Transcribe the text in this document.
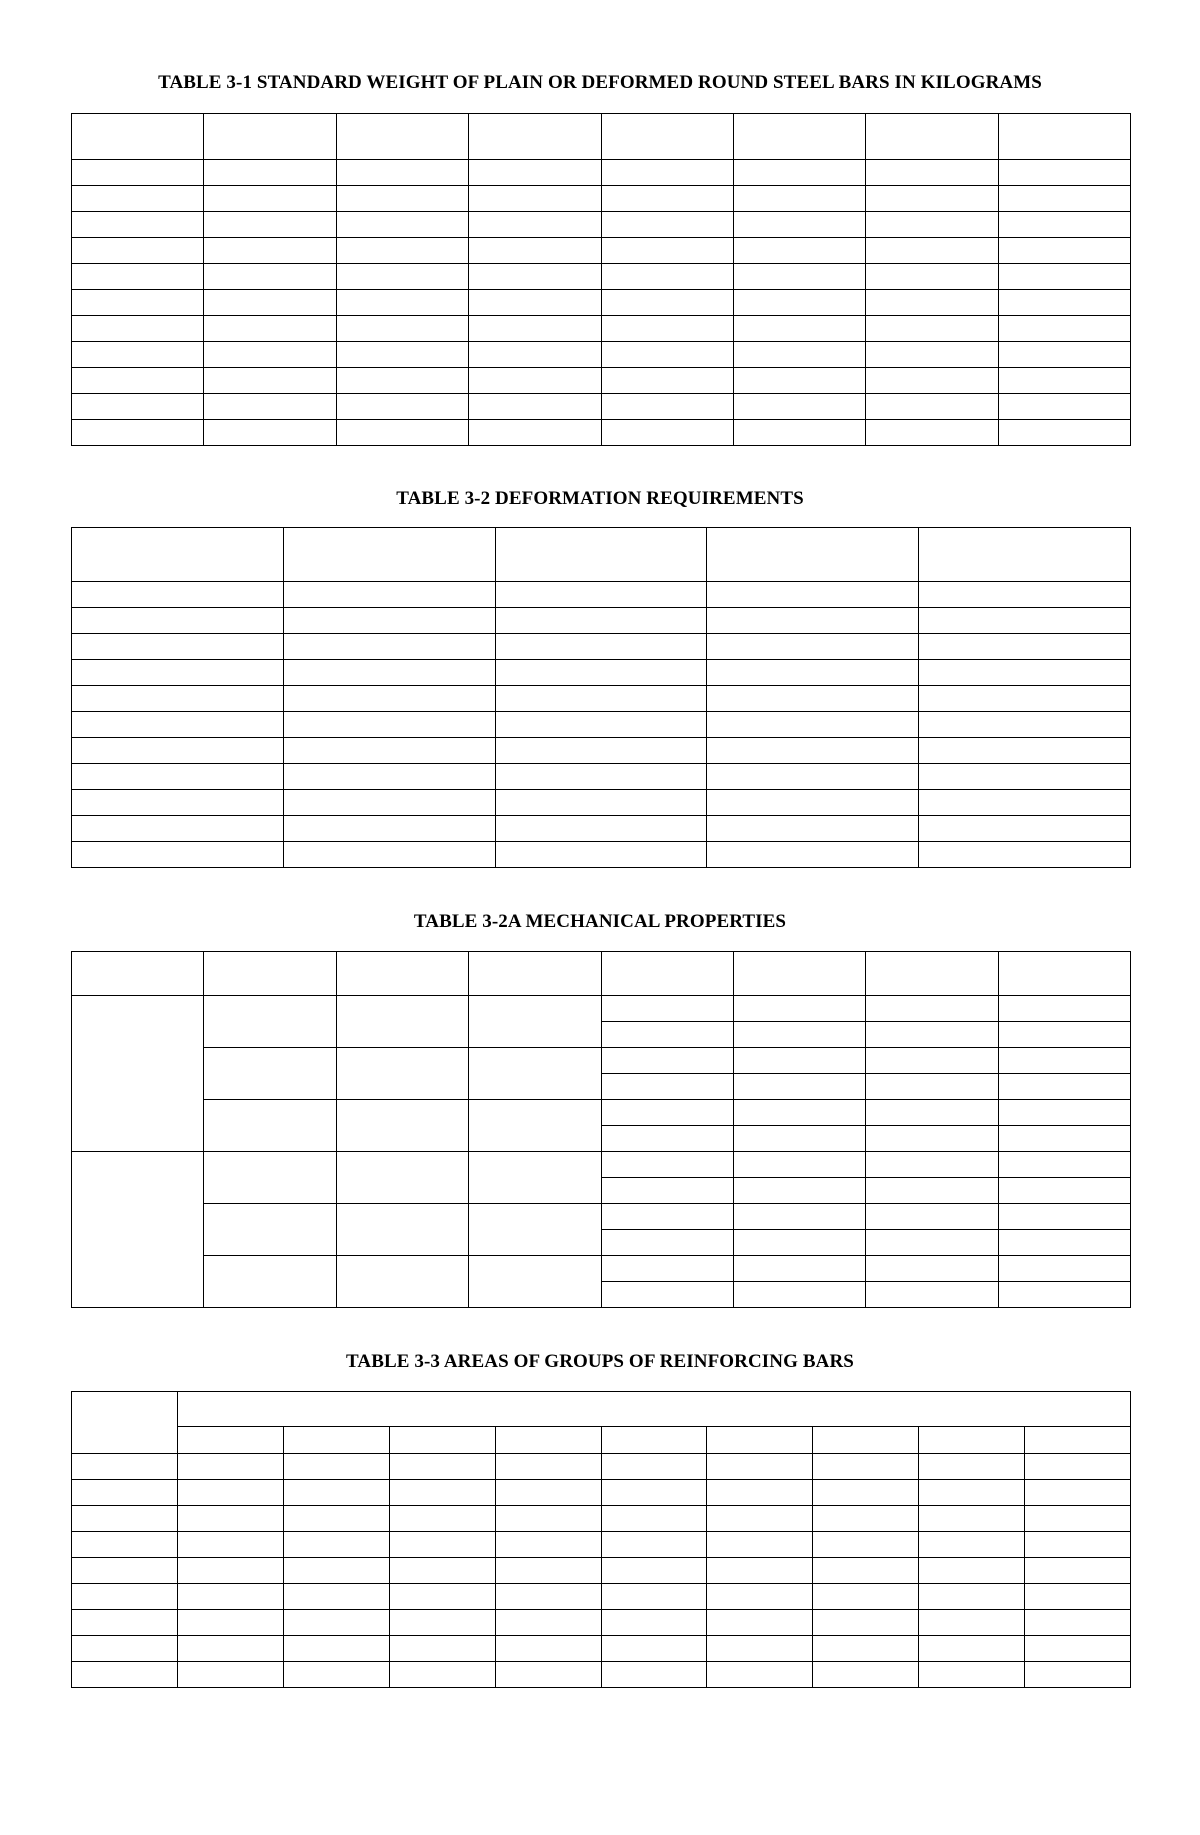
TABLE 3-1 STANDARD WEIGHT OF PLAIN OR DEFORMED ROUND STEEL BARS IN KILOGRAMS

TABLE 3-2 DEFORMATION REQUIREMENTS

TABLE 3-2A MECHANICAL PROPERTIES

TABLE 3-3 AREAS OF GROUPS OF REINFORCING BARS
